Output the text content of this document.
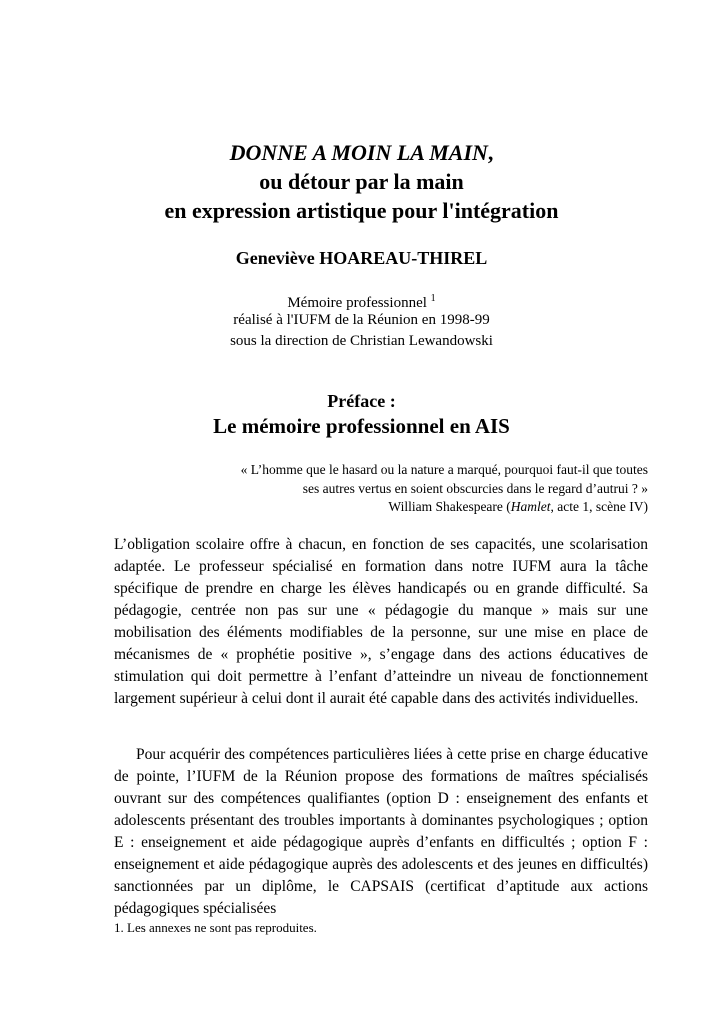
DONNE A MOIN LA MAIN,
ou détour par la main
en expression artistique pour l'intégration
Geneviève HOAREAU-THIREL
Mémoire professionnel $^1$
réalisé à l'IUFM de la Réunion en 1998-99
sous la direction de Christian Lewandowski
Préface :
Le mémoire professionnel en AIS
« L’homme que le hasard ou la nature a marqué, pourquoi faut-il que toutes
ses autres vertus en soient obscurcies dans le regard d’autrui ? »
William Shakespeare (Hamlet, acte 1, scène IV)
L’obligation scolaire offre à chacun, en fonction de ses capacités, une scolarisation adaptée. Le professeur spécialisé en formation dans notre IUFM aura la tâche spécifique de prendre en charge les élèves handicapés ou en grande difficulté. Sa pédagogie, centrée non pas sur une « pédagogie du manque » mais sur une mobilisation des éléments modifiables de la personne, sur une mise en place de mécanismes de « prophétie positive », s’engage dans des actions éducatives de stimulation qui doit permettre à l’enfant d’atteindre un niveau de fonctionnement largement supérieur à celui dont il aurait été capable dans des activités individuelles.
Pour acquérir des compétences particulières liées à cette prise en charge éducative de pointe, l’IUFM de la Réunion propose des formations de maîtres spécialisés ouvrant sur des compétences qualifiantes (option D : enseignement des enfants et adolescents présentant des troubles importants à dominantes psychologiques ; option E : enseignement et aide pédagogique auprès d’enfants en difficultés ; option F : enseignement et aide pédagogique auprès des adolescents et des jeunes en difficultés) sanctionnées par un diplôme, le CAPSAIS (certificat d’aptitude aux actions pédagogiques spécialisées
1. Les annexes ne sont pas reproduites.
